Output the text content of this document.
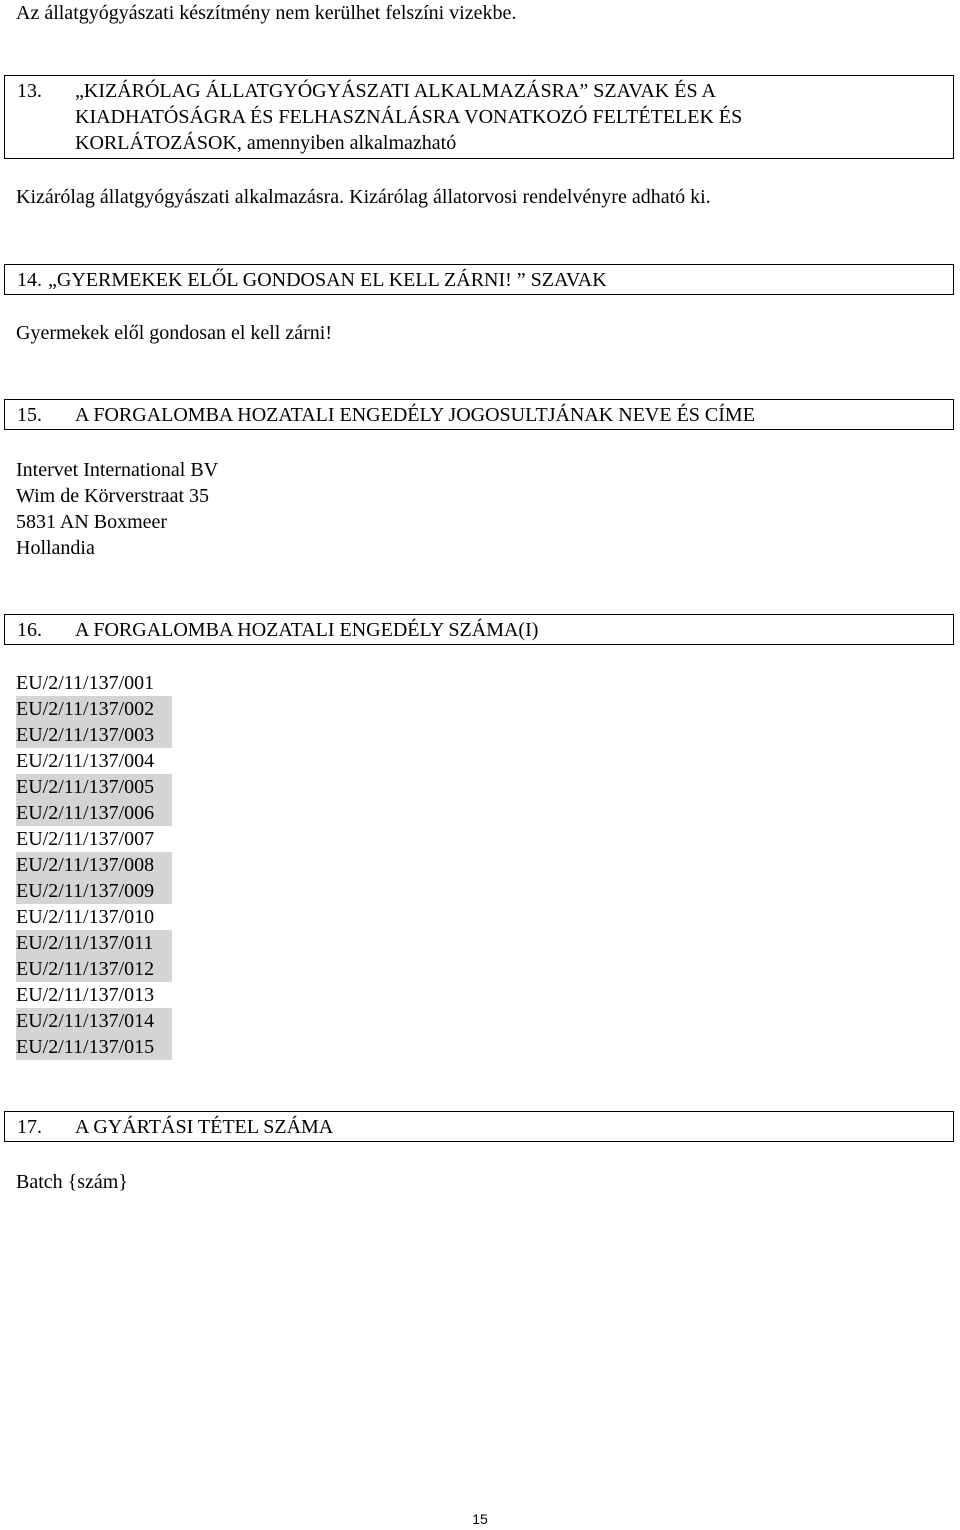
Az állatgyógyászati készítmény nem kerülhet felszíni vizekbe.
13.	„KIZÁRÓLAG ÁLLATGYÓGYÁSZATI ALKALMAZÁSRA” SZAVAK ÉS A
KIADHATÓSÁGRA ÉS FELHASZNÁLÁSRA VONATKOZÓ FELTÉTELEK ÉS
KORLÁTOZÁSOK, amennyiben alkalmazható
Kizárólag állatgyógyászati alkalmazásra. Kizárólag állatorvosi rendelvényre adható ki.
14. „GYERMEKEK ELŐL GONDOSAN EL KELL ZÁRNI! ” SZAVAK
Gyermekek elől gondosan el kell zárni!
15.	A FORGALOMBA HOZATALI ENGEDÉLY JOGOSULTJÁNAK NEVE ÉS CÍME
Intervet International BV
Wim de Körverstraat 35
5831 AN Boxmeer
Hollandia
16.	A FORGALOMBA HOZATALI ENGEDÉLY SZÁMA(I)
EU/2/11/137/001
EU/2/11/137/002
EU/2/11/137/003
EU/2/11/137/004
EU/2/11/137/005
EU/2/11/137/006
EU/2/11/137/007
EU/2/11/137/008
EU/2/11/137/009
EU/2/11/137/010
EU/2/11/137/011
EU/2/11/137/012
EU/2/11/137/013
EU/2/11/137/014
EU/2/11/137/015
17.	A GYÁRTÁSI TÉTEL SZÁMA
Batch {szám}
15
